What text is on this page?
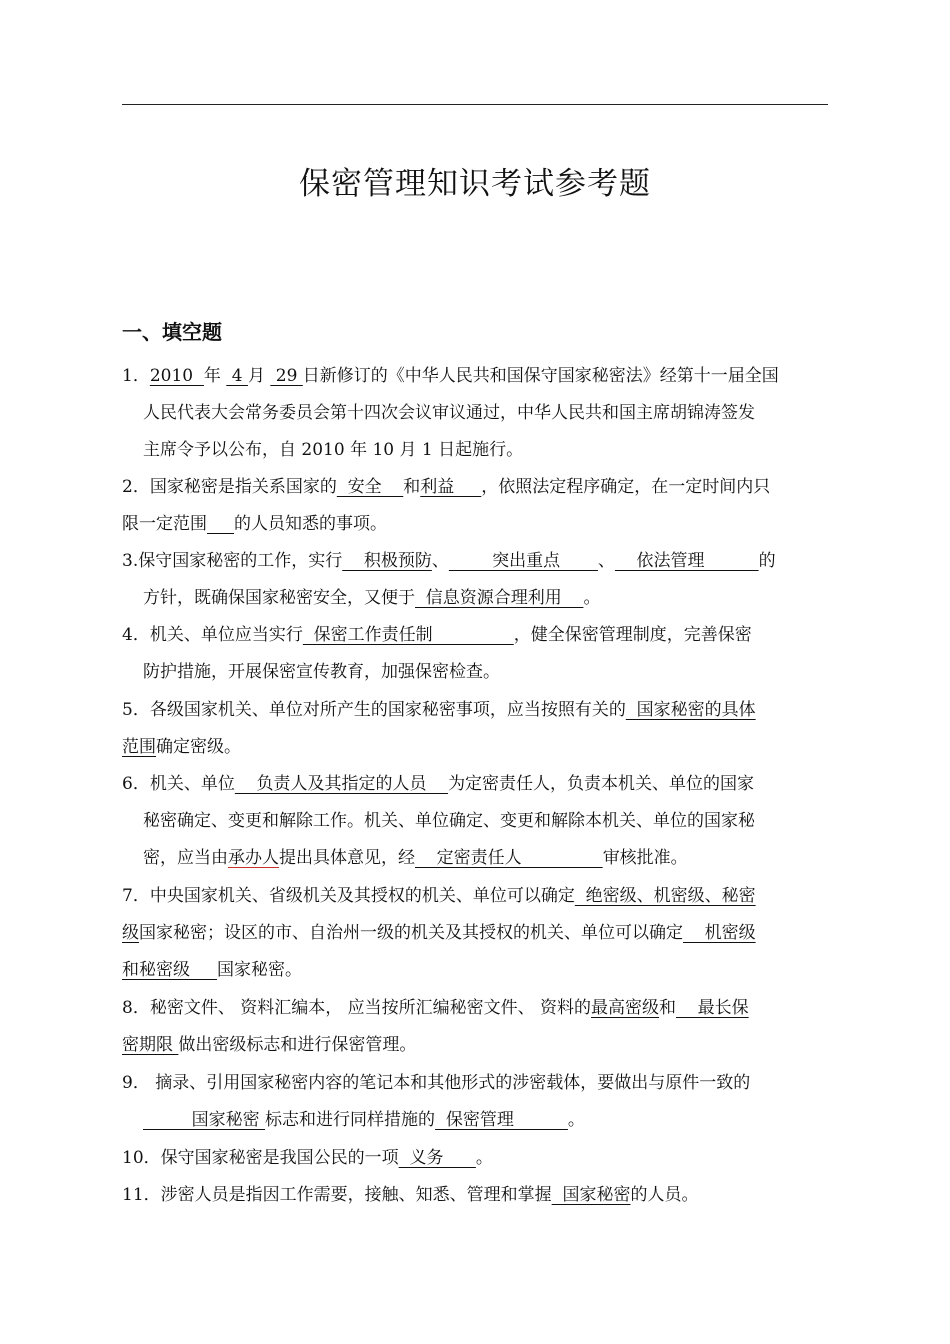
保密管理知识考试参考题
一、填空题
1．2010  年  4 月  29 日新修订的《中华人民共和国保守国家秘密法》经第十一届全国
人民代表大会常务委员会第十四次会议审议通过，中华人民共和国主席胡锦涛签发
主席令予以公布，自 2010 年 10 月 1 日起施行。
2．国家秘密是指关系国家的  安全    和利益     ，依照法定程序确定，在一定时间内只
限一定范围 的人员知悉的事项。
3.保守国家秘密的工作，实行    积极预防、        突出重点       、    依法管理          的
方针，既确保国家秘密安全，又便于  信息资源合理利用    。
4．机关、单位应当实行  保密工作责任制               ，健全保密管理制度，完善保密
防护措施，开展保密宣传教育，加强保密检查。
5．各级国家机关、单位对所产生的国家秘密事项，应当按照有关的  国家秘密的具体
范围确定密级。
6．机关、单位    负责人及其指定的人员    为定密责任人，负责本机关、单位的国家
秘密确定、变更和解除工作。机关、单位确定、变更和解除本机关、单位的国家秘
密，应当由承办人提出具体意见，经    定密责任人               审核批准。
7．中央国家机关、省级机关及其授权的机关、单位可以确定  绝密级、机密级、秘密
级国家秘密；设区的市、自治州一级的机关及其授权的机关、单位可以确定    机密级
和秘密级     国家秘密。
8．秘密文件、 资料汇编本， 应当按所汇编秘密文件、 资料的最高密级和    最长保
密期限 做出密级标志和进行保密管理。
9． 摘录、引用国家秘密内容的笔记本和其他形式的涉密载体，要做出与原件一致的
国家秘密 标志和进行同样措施的  保密管理          。
10．保守国家秘密是我国公民的一项  义务      。
11．涉密人员是指因工作需要，接触、知悉、管理和掌握  国家秘密的人员。
